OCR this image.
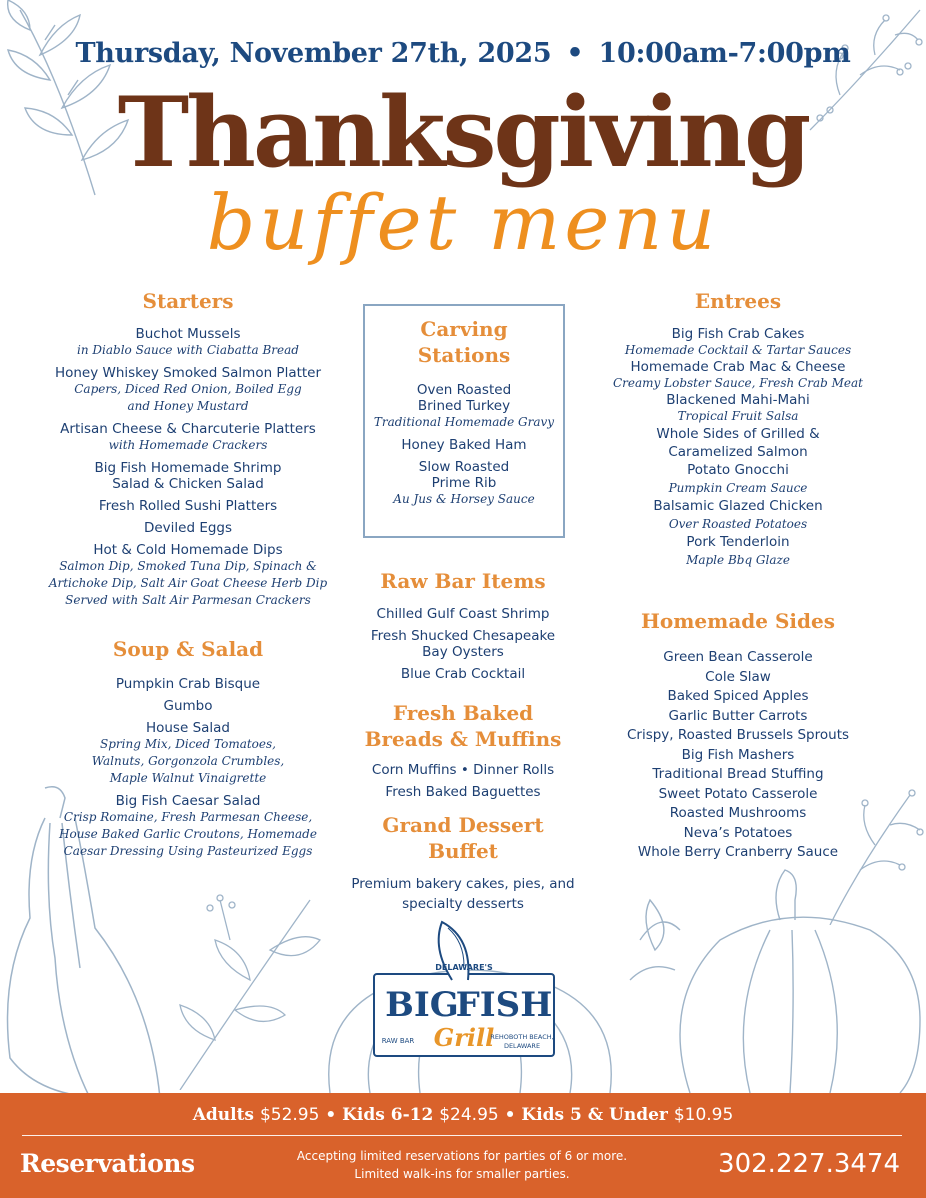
Thursday, November 27th, 2025 • 10:00am-7:00pm
Thanksgiving
buffet menu
Starters
Buchot Mussels
in Diablo Sauce with Ciabatta Bread
Honey Whiskey Smoked Salmon Platter
Capers, Diced Red Onion, Boiled Egg
and Honey Mustard
Artisan Cheese & Charcuterie Platters
with Homemade Crackers
Big Fish Homemade Shrimp
Salad & Chicken Salad
Fresh Rolled Sushi Platters
Deviled Eggs
Hot & Cold Homemade Dips
Salmon Dip, Smoked Tuna Dip, Spinach &
Artichoke Dip, Salt Air Goat Cheese Herb Dip
Served with Salt Air Parmesan Crackers
Soup & Salad
Pumpkin Crab Bisque
Gumbo
House Salad
Spring Mix, Diced Tomatoes,
Walnuts, Gorgonzola Crumbles,
Maple Walnut Vinaigrette
Big Fish Caesar Salad
Crisp Romaine, Fresh Parmesan Cheese,
House Baked Garlic Croutons, Homemade
Caesar Dressing Using Pasteurized Eggs
Carving
Stations
Oven Roasted
Brined Turkey
Traditional Homemade Gravy
Honey Baked Ham
Slow Roasted
Prime Rib
Au Jus & Horsey Sauce
Raw Bar Items
Chilled Gulf Coast Shrimp
Fresh Shucked Chesapeake
Bay Oysters
Blue Crab Cocktail
Fresh Baked
Breads & Muffins
Corn Muffins • Dinner Rolls
Fresh Baked Baguettes
Grand Dessert
Buffet
Premium bakery cakes, pies, and
specialty desserts
Entrees
Big Fish Crab Cakes
Homemade Cocktail & Tartar Sauces
Homemade Crab Mac & Cheese
Creamy Lobster Sauce, Fresh Crab Meat
Blackened Mahi-Mahi
Tropical Fruit Salsa
Whole Sides of Grilled &
Caramelized Salmon
Potato Gnocchi
Pumpkin Cream Sauce
Balsamic Glazed Chicken
Over Roasted Potatoes
Pork Tenderloin
Maple Bbq Glaze
Homemade Sides
Green Bean Casserole
Cole Slaw
Baked Spiced Apples
Garlic Butter Carrots
Crispy, Roasted Brussels Sprouts
Big Fish Mashers
Traditional Bread Stuffing
Sweet Potato Casserole
Roasted Mushrooms
Neva’s Potatoes
Whole Berry Cranberry Sauce
DELAWARE'S
BIG
FISH
Grill
RAW BAR	REHOBOTH BEACH,
DELAWARE
Adults $52.95 • Kids 6-12 $24.95 • Kids 5 & Under $10.95
Reservations	Accepting limited reservations for parties of 6 or more.
Limited walk-ins for smaller parties.	302.227.3474
